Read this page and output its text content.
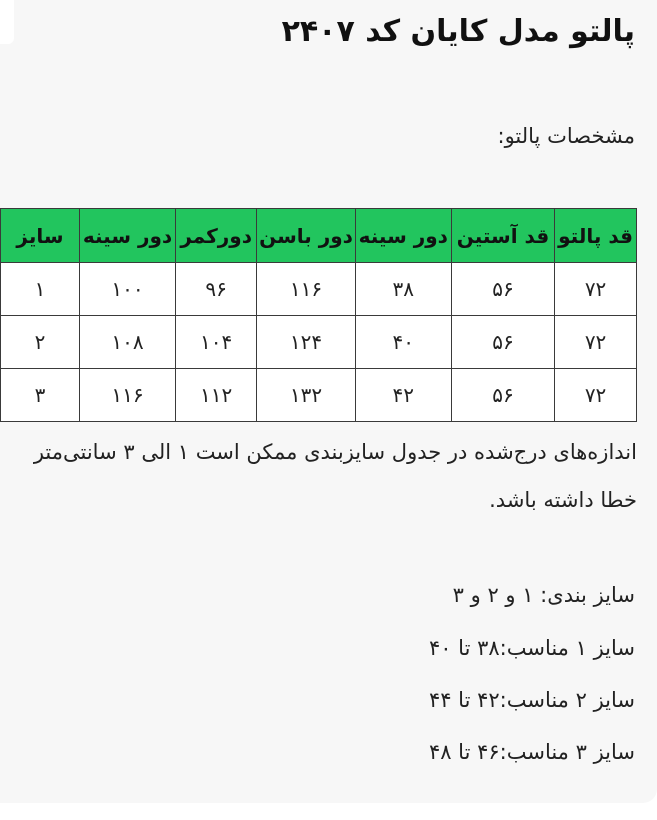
پالتو مدل کایان کد ۲۴۰۷

مشخصات پالتو:

قد پالتو	قد آستین	دور سینه	دور باسن	دورکمر	دور سینه	سایز
۷۲	۵۶	۳۸	۱۱۶	۹۶	۱۰۰	۱
۷۲	۵۶	۴۰	۱۲۴	۱۰۴	۱۰۸	۲
۷۲	۵۶	۴۲	۱۳۲	۱۱۲	۱۱۶	۳

اندازه‌های درج‌شده در جدول سایزبندی ممکن است ۱ الی ۳ سانتی‌متر خطا داشته باشد.

سایز بندی: ۱ و ۲ و ۳

سایز ۱ مناسب:۳۸ تا ۴۰

سایز ۲ مناسب:۴۲ تا ۴۴

سایز ۳ مناسب:۴۶ تا ۴۸
